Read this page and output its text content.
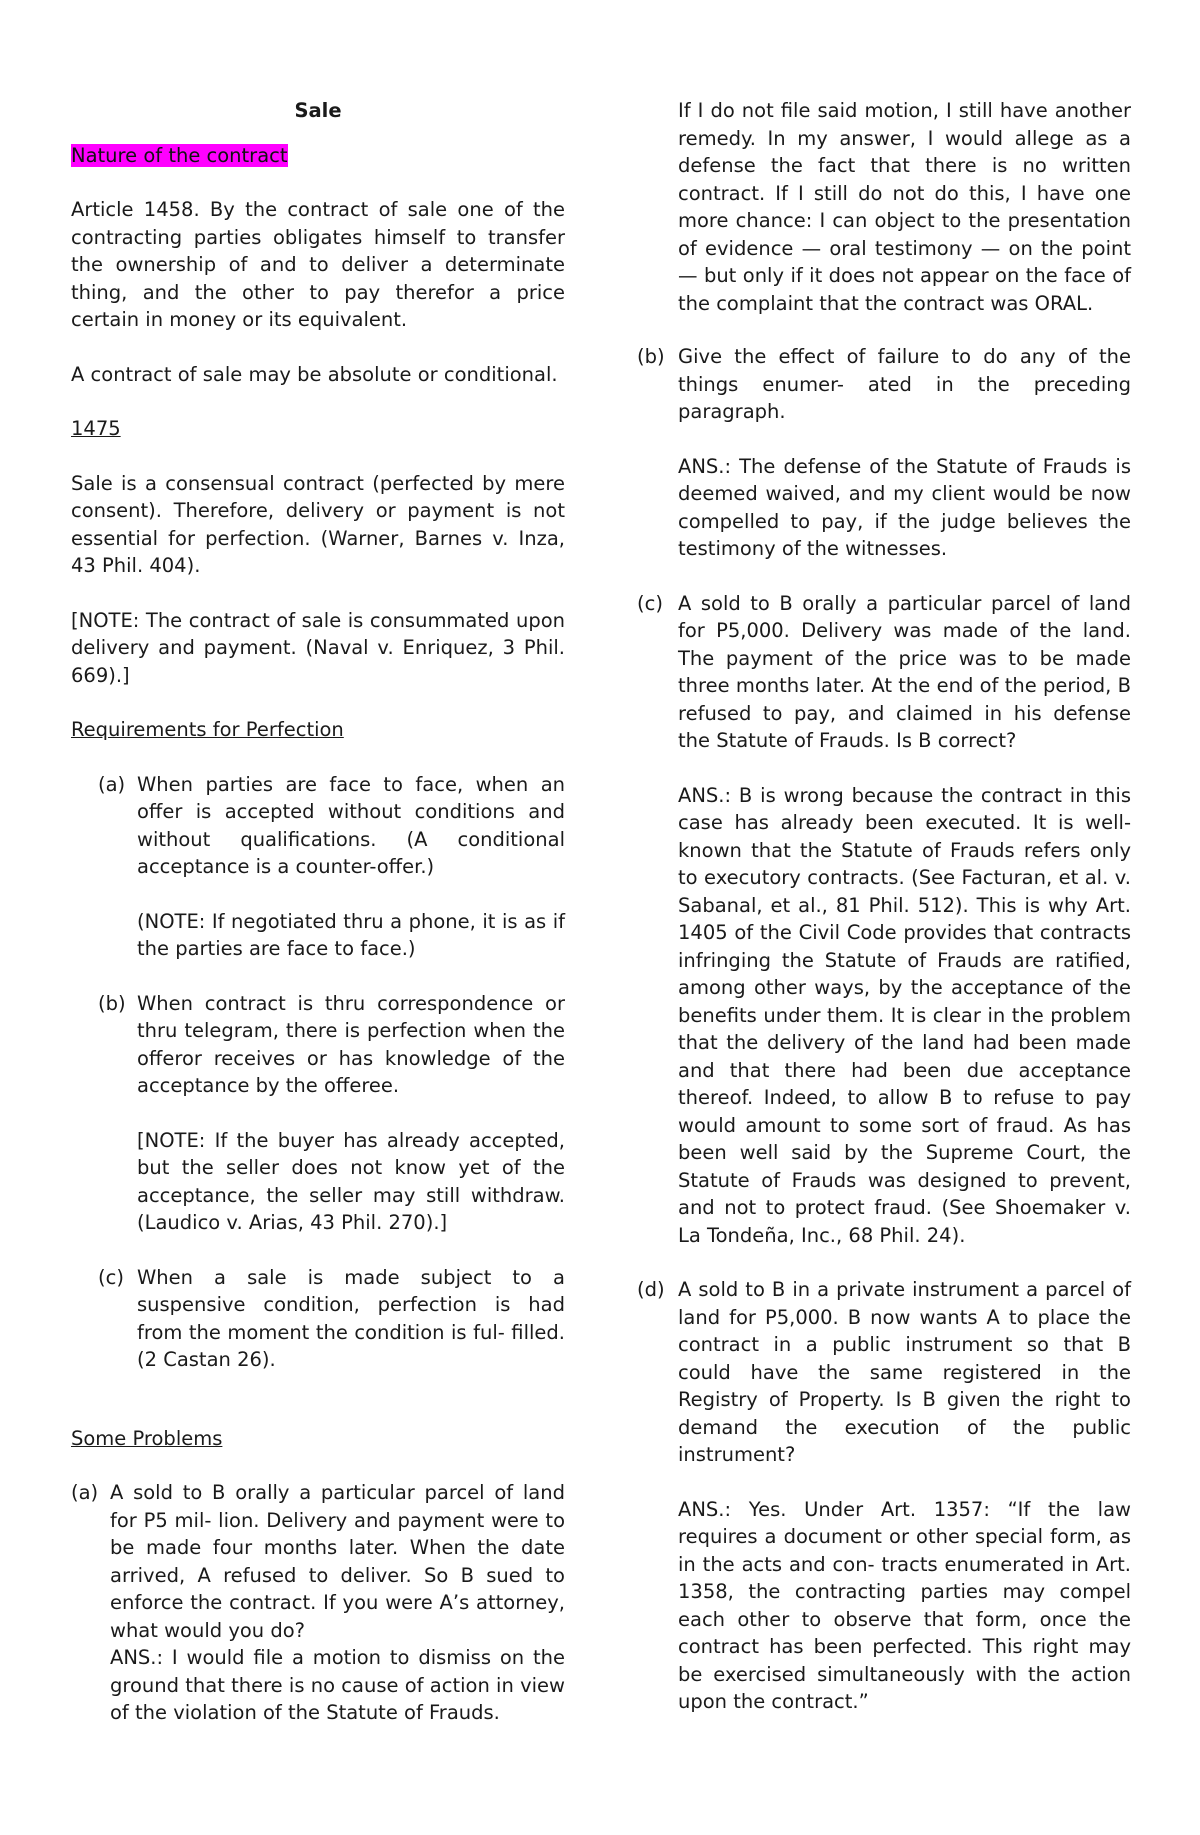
Sale

Nature of the contract

Article 1458. By the contract of sale one of the contracting parties obligates himself to transfer the ownership of and to deliver a determinate thing, and the other to pay therefor a price certain in money or its equivalent.

A contract of sale may be absolute or conditional.

1475

Sale is a consensual contract (perfected by mere consent). Therefore, delivery or payment is not essential for perfection. (Warner, Barnes v. Inza, 43 Phil. 404).

[NOTE: The contract of sale is consummated upon delivery and payment. (Naval v. Enriquez, 3 Phil. 669).]

Requirements for Perfection

(a) When parties are face to face, when an offer is accepted without conditions and without qualifications. (A conditional acceptance is a counter-offer.)

(NOTE: If negotiated thru a phone, it is as if the parties are face to face.)

(b) When contract is thru correspondence or thru telegram, there is perfection when the offeror receives or has knowledge of the acceptance by the offeree.

[NOTE: If the buyer has already accepted, but the seller does not know yet of the acceptance, the seller may still withdraw. (Laudico v. Arias, 43 Phil. 270).]

(c) When a sale is made subject to a suspensive condition, perfection is had from the moment the condition is ful- filled. (2 Castan 26).

Some Problems

(a) A sold to B orally a particular parcel of land for P5 mil- lion. Delivery and payment were to be made four months later. When the date arrived, A refused to deliver. So B sued to enforce the contract. If you were A’s attorney, what would you do?

ANS.: I would file a motion to dismiss on the ground that there is no cause of action in view of the violation of the Statute of Frauds.

If I do not file said motion, I still have another remedy. In my answer, I would allege as a defense the fact that there is no written contract. If I still do not do this, I have one more chance: I can object to the presentation of evidence — oral testimony — on the point — but only if it does not appear on the face of the complaint that the contract was ORAL.

(b) Give the effect of failure to do any of the things enumer- ated in the preceding paragraph.

ANS.: The defense of the Statute of Frauds is deemed waived, and my client would be now compelled to pay, if the judge believes the testimony of the witnesses.

(c) A sold to B orally a particular parcel of land for P5,000. Delivery was made of the land. The payment of the price was to be made three months later. At the end of the period, B refused to pay, and claimed in his defense the Statute of Frauds. Is B correct?

ANS.: B is wrong because the contract in this case has already been executed. It is well- known that the Statute of Frauds refers only to executory contracts. (See Facturan, et al. v. Sabanal, et al., 81 Phil. 512). This is why Art. 1405 of the Civil Code provides that contracts infringing the Statute of Frauds are ratified, among other ways, by the acceptance of the benefits under them. It is clear in the problem that the delivery of the land had been made and that there had been due acceptance thereof. Indeed, to allow B to refuse to pay would amount to some sort of fraud. As has been well said by the Supreme Court, the Statute of Frauds was designed to prevent, and not to protect fraud. (See Shoemaker v. La Tondeña, Inc., 68 Phil. 24).

(d) A sold to B in a private instrument a parcel of land for P5,000. B now wants A to place the contract in a public instrument so that B could have the same registered in the Registry of Property. Is B given the right to demand the execution of the public instrument?

ANS.: Yes. Under Art. 1357: “If the law requires a document or other special form, as in the acts and con- tracts enumerated in Art. 1358, the contracting parties may compel each other to observe that form, once the contract has been perfected. This right may be exercised simultaneously with the action upon the contract.”
